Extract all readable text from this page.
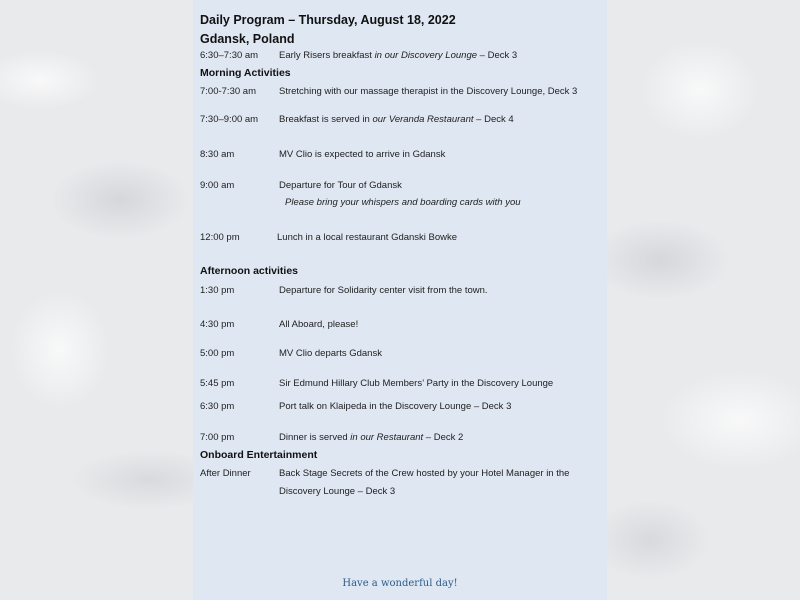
Daily Program – Thursday, August 18, 2022
Gdansk, Poland
6:30–7:30 am Early Risers breakfast in our Discovery Lounge – Deck 3
Morning Activities
7:00-7:30 am Stretching with our massage therapist in the Discovery Lounge, Deck 3
7:30–9:00 am Breakfast is served in our Veranda Restaurant – Deck 4
8:30 am	MV Clio is expected to arrive in Gdansk
9:00 am	Departure for Tour of Gdansk
Please bring your whispers and boarding cards with you
12:00 pm	Lunch in a local restaurant Gdanski Bowke
Afternoon activities
1:30 pm	Departure for Solidarity center visit from the town.
4:30 pm	All Aboard, please!
5:00 pm	MV Clio departs Gdansk
5:45 pm	Sir Edmund Hillary Club Members’ Party in the Discovery Lounge
6:30 pm	Port talk on Klaipeda in the Discovery Lounge – Deck 3
7:00 pm	Dinner is served in our Restaurant – Deck 2
Onboard Entertainment
After Dinner	Back Stage Secrets of the Crew hosted by your Hotel Manager in the
Discovery Lounge – Deck 3
Have a wonderful day!
